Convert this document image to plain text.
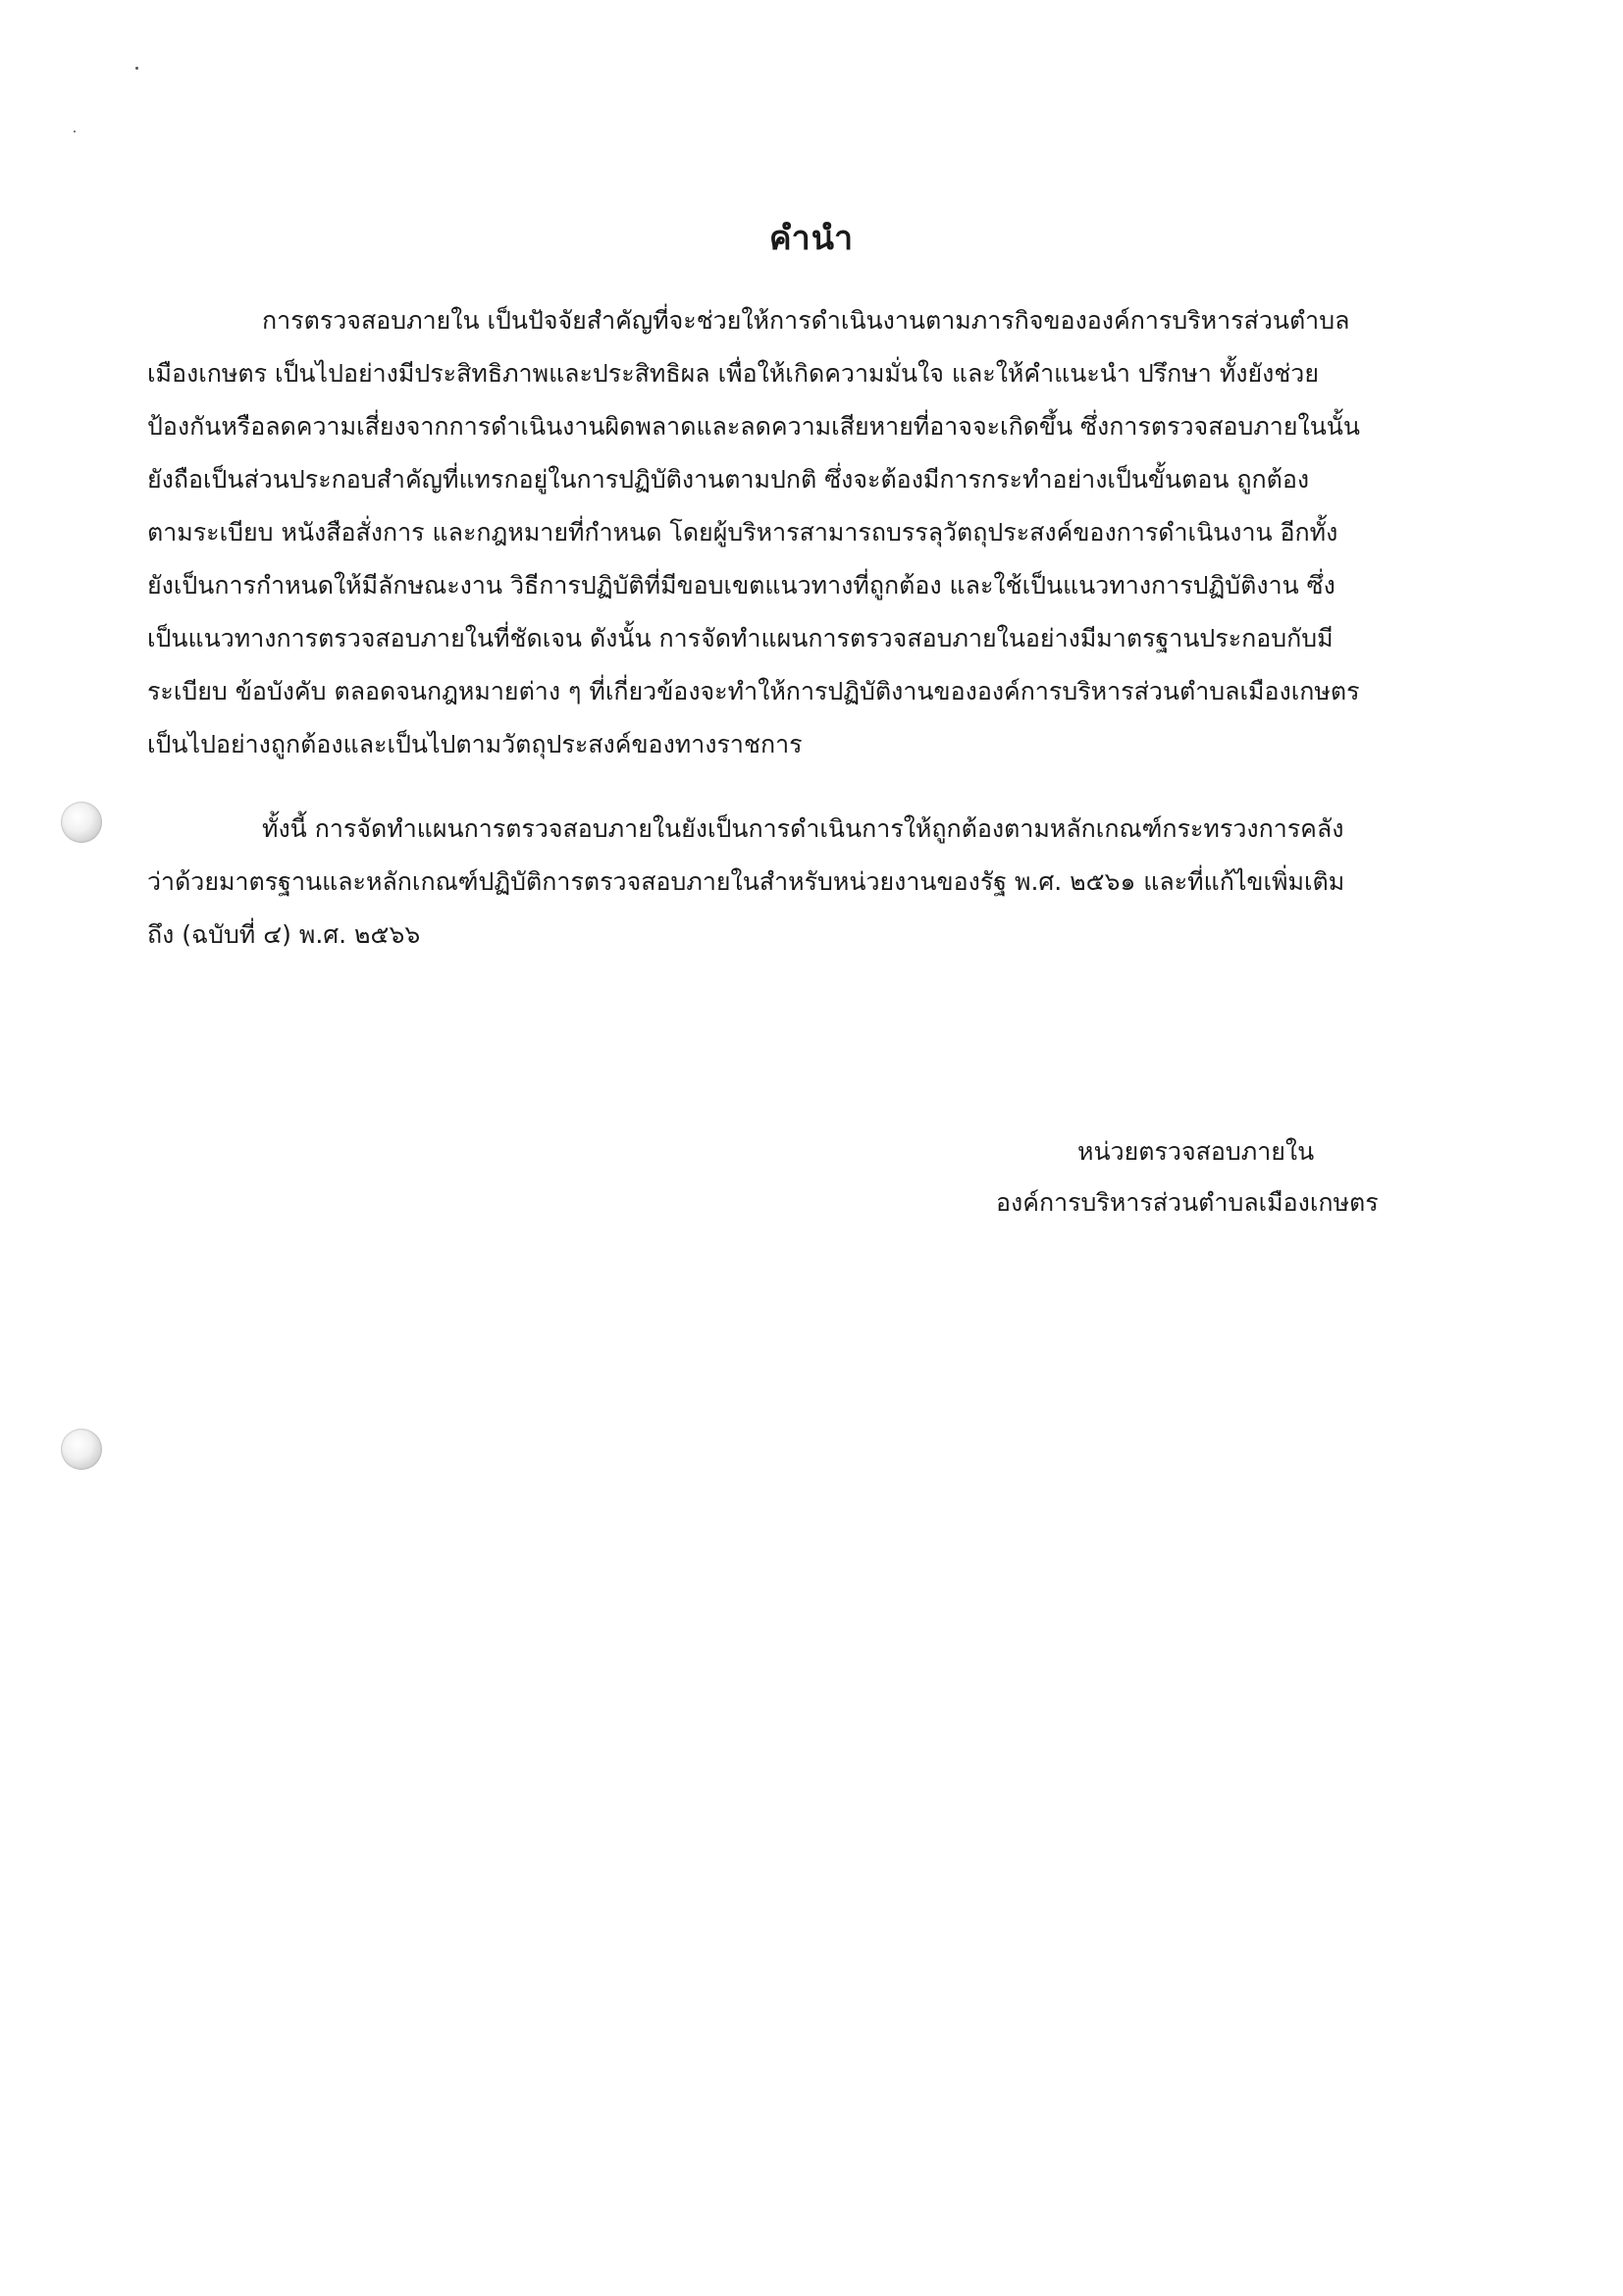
คำนำ
การตรวจสอบภายใน เป็นปัจจัยสำคัญที่จะช่วยให้การดำเนินงานตามภารกิจขององค์การบริหารส่วนตำบล
เมืองเกษตร เป็นไปอย่างมีประสิทธิภาพและประสิทธิผล เพื่อให้เกิดความมั่นใจ และให้คำแนะนำ ปรึกษา ทั้งยังช่วย
ป้องกันหรือลดความเสี่ยงจากการดำเนินงานผิดพลาดและลดความเสียหายที่อาจจะเกิดขึ้น ซึ่งการตรวจสอบภายในนั้น
ยังถือเป็นส่วนประกอบสำคัญที่แทรกอยู่ในการปฏิบัติงานตามปกติ ซึ่งจะต้องมีการกระทำอย่างเป็นขั้นตอน ถูกต้อง
ตามระเบียบ หนังสือสั่งการ และกฎหมายที่กำหนด โดยผู้บริหารสามารถบรรลุวัตถุประสงค์ของการดำเนินงาน อีกทั้ง
ยังเป็นการกำหนดให้มีลักษณะงาน วิธีการปฏิบัติที่มีขอบเขตแนวทางที่ถูกต้อง และใช้เป็นแนวทางการปฏิบัติงาน ซึ่ง
เป็นแนวทางการตรวจสอบภายในที่ชัดเจน ดังนั้น การจัดทำแผนการตรวจสอบภายในอย่างมีมาตรฐานประกอบกับมี
ระเบียบ ข้อบังคับ ตลอดจนกฎหมายต่าง ๆ ที่เกี่ยวข้องจะทำให้การปฏิบัติงานขององค์การบริหารส่วนตำบลเมืองเกษตร
เป็นไปอย่างถูกต้องและเป็นไปตามวัตถุประสงค์ของทางราชการ
ทั้งนี้ การจัดทำแผนการตรวจสอบภายในยังเป็นการดำเนินการให้ถูกต้องตามหลักเกณฑ์กระทรวงการคลัง
ว่าด้วยมาตรฐานและหลักเกณฑ์ปฏิบัติการตรวจสอบภายในสำหรับหน่วยงานของรัฐ พ.ศ. ๒๕๖๑ และที่แก้ไขเพิ่มเติม
ถึง (ฉบับที่ ๔) พ.ศ. ๒๕๖๖
หน่วยตรวจสอบภายใน
องค์การบริหารส่วนตำบลเมืองเกษตร
